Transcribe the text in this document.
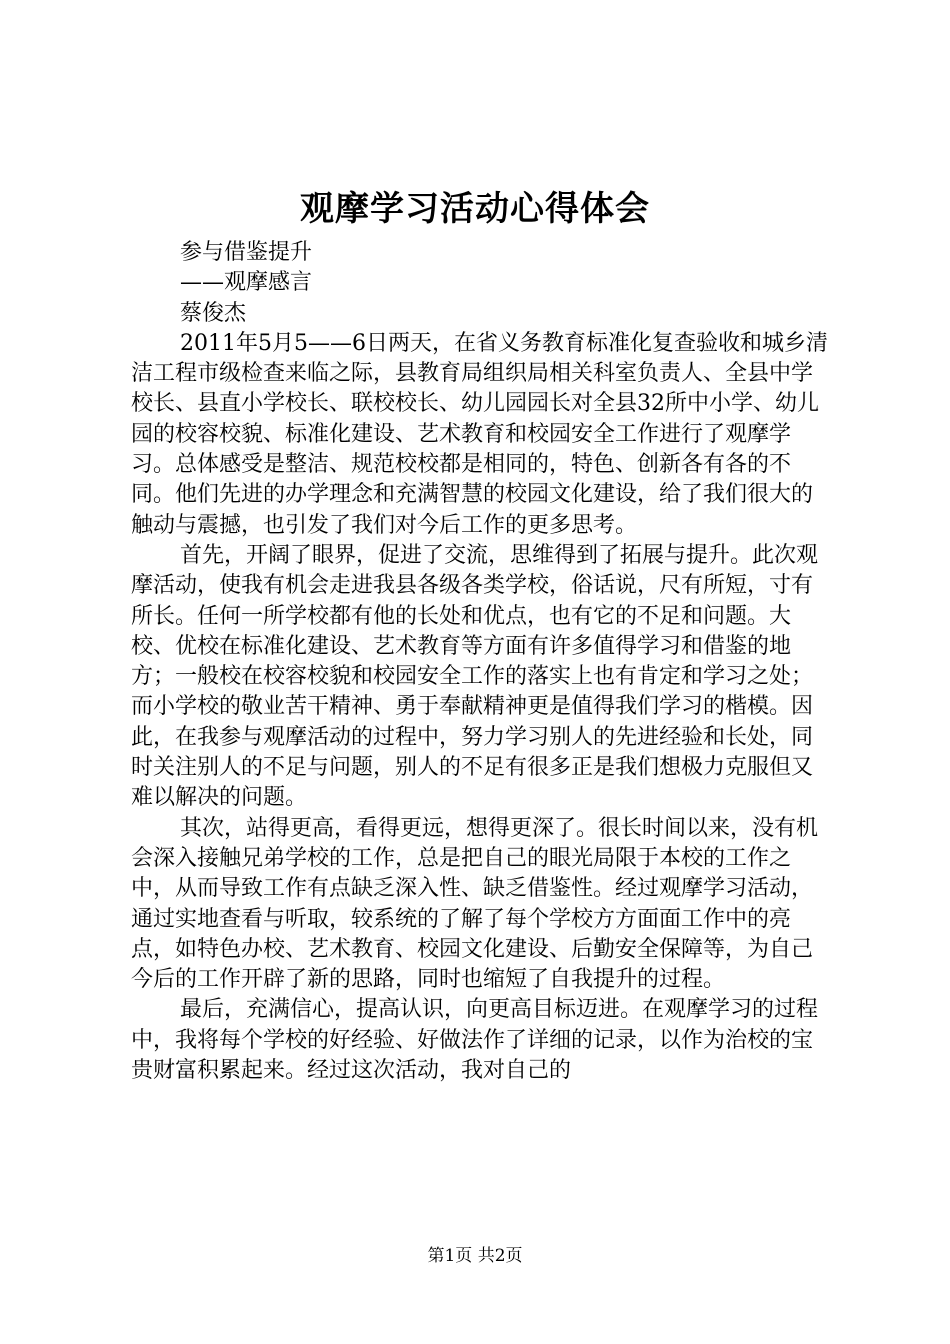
观摩学习活动心得体会

参与借鉴提升

——观摩感言

蔡俊杰

2011年5月5——6日两天，在省义务教育标准化复查验收和城乡清洁工程市级检查来临之际，县教育局组织局相关科室负责人、全县中学校长、县直小学校长、联校校长、幼儿园园长对全县32所中小学、幼儿园的校容校貌、标准化建设、艺术教育和校园安全工作进行了观摩学习。总体感受是整洁、规范校校都是相同的，特色、创新各有各的不同。他们先进的办学理念和充满智慧的校园文化建设，给了我们很大的触动与震撼，也引发了我们对今后工作的更多思考。

首先，开阔了眼界，促进了交流，思维得到了拓展与提升。此次观摩活动，使我有机会走进我县各级各类学校，俗话说，尺有所短，寸有所长。任何一所学校都有他的长处和优点，也有它的不足和问题。大校、优校在标准化建设、艺术教育等方面有许多值得学习和借鉴的地方；一般校在校容校貌和校园安全工作的落实上也有肯定和学习之处；而小学校的敬业苦干精神、勇于奉献精神更是值得我们学习的楷模。因此，在我参与观摩活动的过程中，努力学习别人的先进经验和长处，同时关注别人的不足与问题，别人的不足有很多正是我们想极力克服但又难以解决的问题。

其次，站得更高，看得更远，想得更深了。很长时间以来，没有机会深入接触兄弟学校的工作，总是把自己的眼光局限于本校的工作之中，从而导致工作有点缺乏深入性、缺乏借鉴性。经过观摩学习活动，通过实地查看与听取，较系统的了解了每个学校方方面面工作中的亮点，如特色办校、艺术教育、校园文化建设、后勤安全保障等，为自己今后的工作开辟了新的思路，同时也缩短了自我提升的过程。

最后，充满信心，提高认识，向更高目标迈进。在观摩学习的过程中，我将每个学校的好经验、好做法作了详细的记录，以作为治校的宝贵财富积累起来。经过这次活动，我对自己的

第1页 共2页
